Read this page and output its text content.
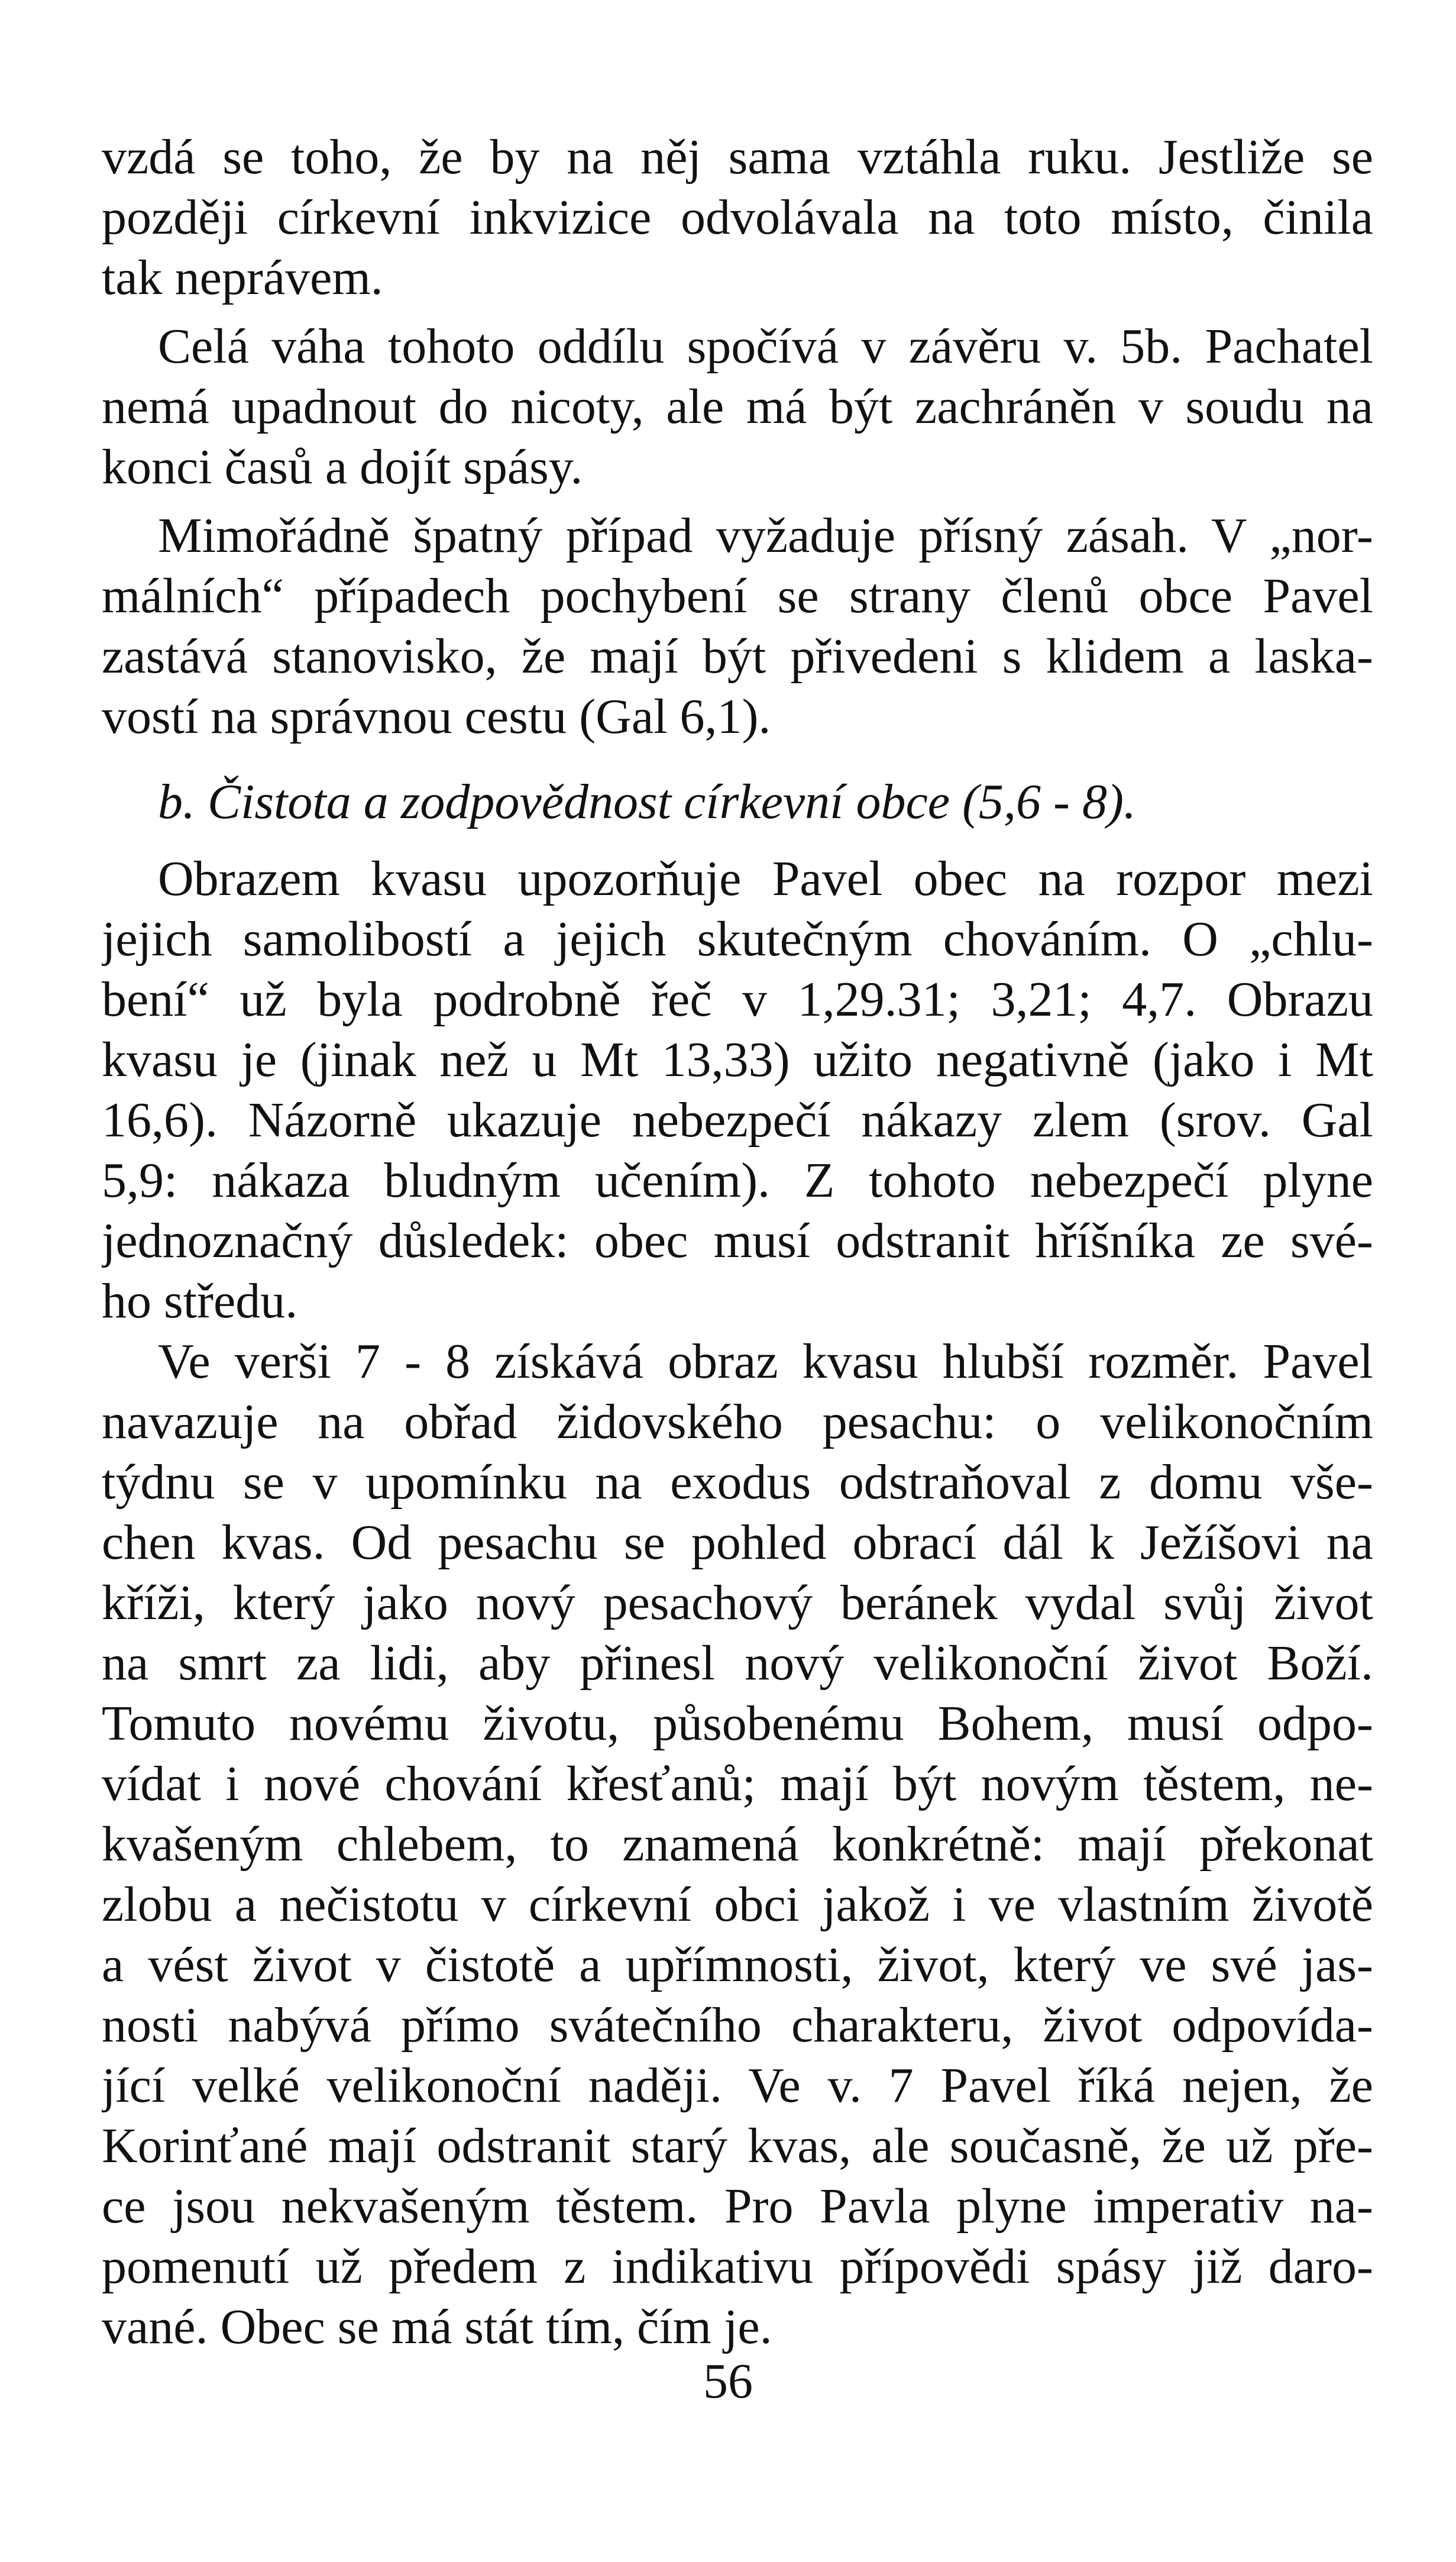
vzdá se toho, že by na něj sama vztáhla ruku. Jestliže se
později církevní inkvizice odvolávala na toto místo, činila
tak neprávem.
Celá váha tohoto oddílu spočívá v závěru v. 5b. Pachatel
nemá upadnout do nicoty, ale má být zachráněn v soudu na
konci časů a dojít spásy.
Mimořádně špatný případ vyžaduje přísný zásah. V „nor-
málních“ případech pochybení se strany členů obce Pavel
zastává stanovisko, že mají být přivedeni s klidem a laska-
vostí na správnou cestu (Gal 6,1).
b. Čistota a zodpovědnost církevní obce (5,6 - 8).
Obrazem kvasu upozorňuje Pavel obec na rozpor mezi
jejich samolibostí a jejich skutečným chováním. O „chlu-
bení“ už byla podrobně řeč v 1,29.31; 3,21; 4,7. Obrazu
kvasu je (jinak než u Mt 13,33) užito negativně (jako i Mt
16,6). Názorně ukazuje nebezpečí nákazy zlem (srov. Gal
5,9: nákaza bludným učením). Z tohoto nebezpečí plyne
jednoznačný důsledek: obec musí odstranit hříšníka ze své-
ho středu.
Ve verši 7 - 8 získává obraz kvasu hlubší rozměr. Pavel
navazuje na obřad židovského pesachu: o velikonočním
týdnu se v upomínku na exodus odstraňoval z domu vše-
chen kvas. Od pesachu se pohled obrací dál k Ježíšovi na
kříži, který jako nový pesachový beránek vydal svůj život
na smrt za lidi, aby přinesl nový velikonoční život Boží.
Tomuto novému životu, působenému Bohem, musí odpo-
vídat i nové chování křesťanů; mají být novým těstem, ne-
kvašeným chlebem, to znamená konkrétně: mají překonat
zlobu a nečistotu v církevní obci jakož i ve vlastním životě
a vést život v čistotě a upřímnosti, život, který ve své jas-
nosti nabývá přímo svátečního charakteru, život odpovída-
jící velké velikonoční naději. Ve v. 7 Pavel říká nejen, že
Korinťané mají odstranit starý kvas, ale současně, že už pře-
ce jsou nekvašeným těstem. Pro Pavla plyne imperativ na-
pomenutí už předem z indikativu přípovědi spásy již daro-
vané. Obec se má stát tím, čím je.
56
